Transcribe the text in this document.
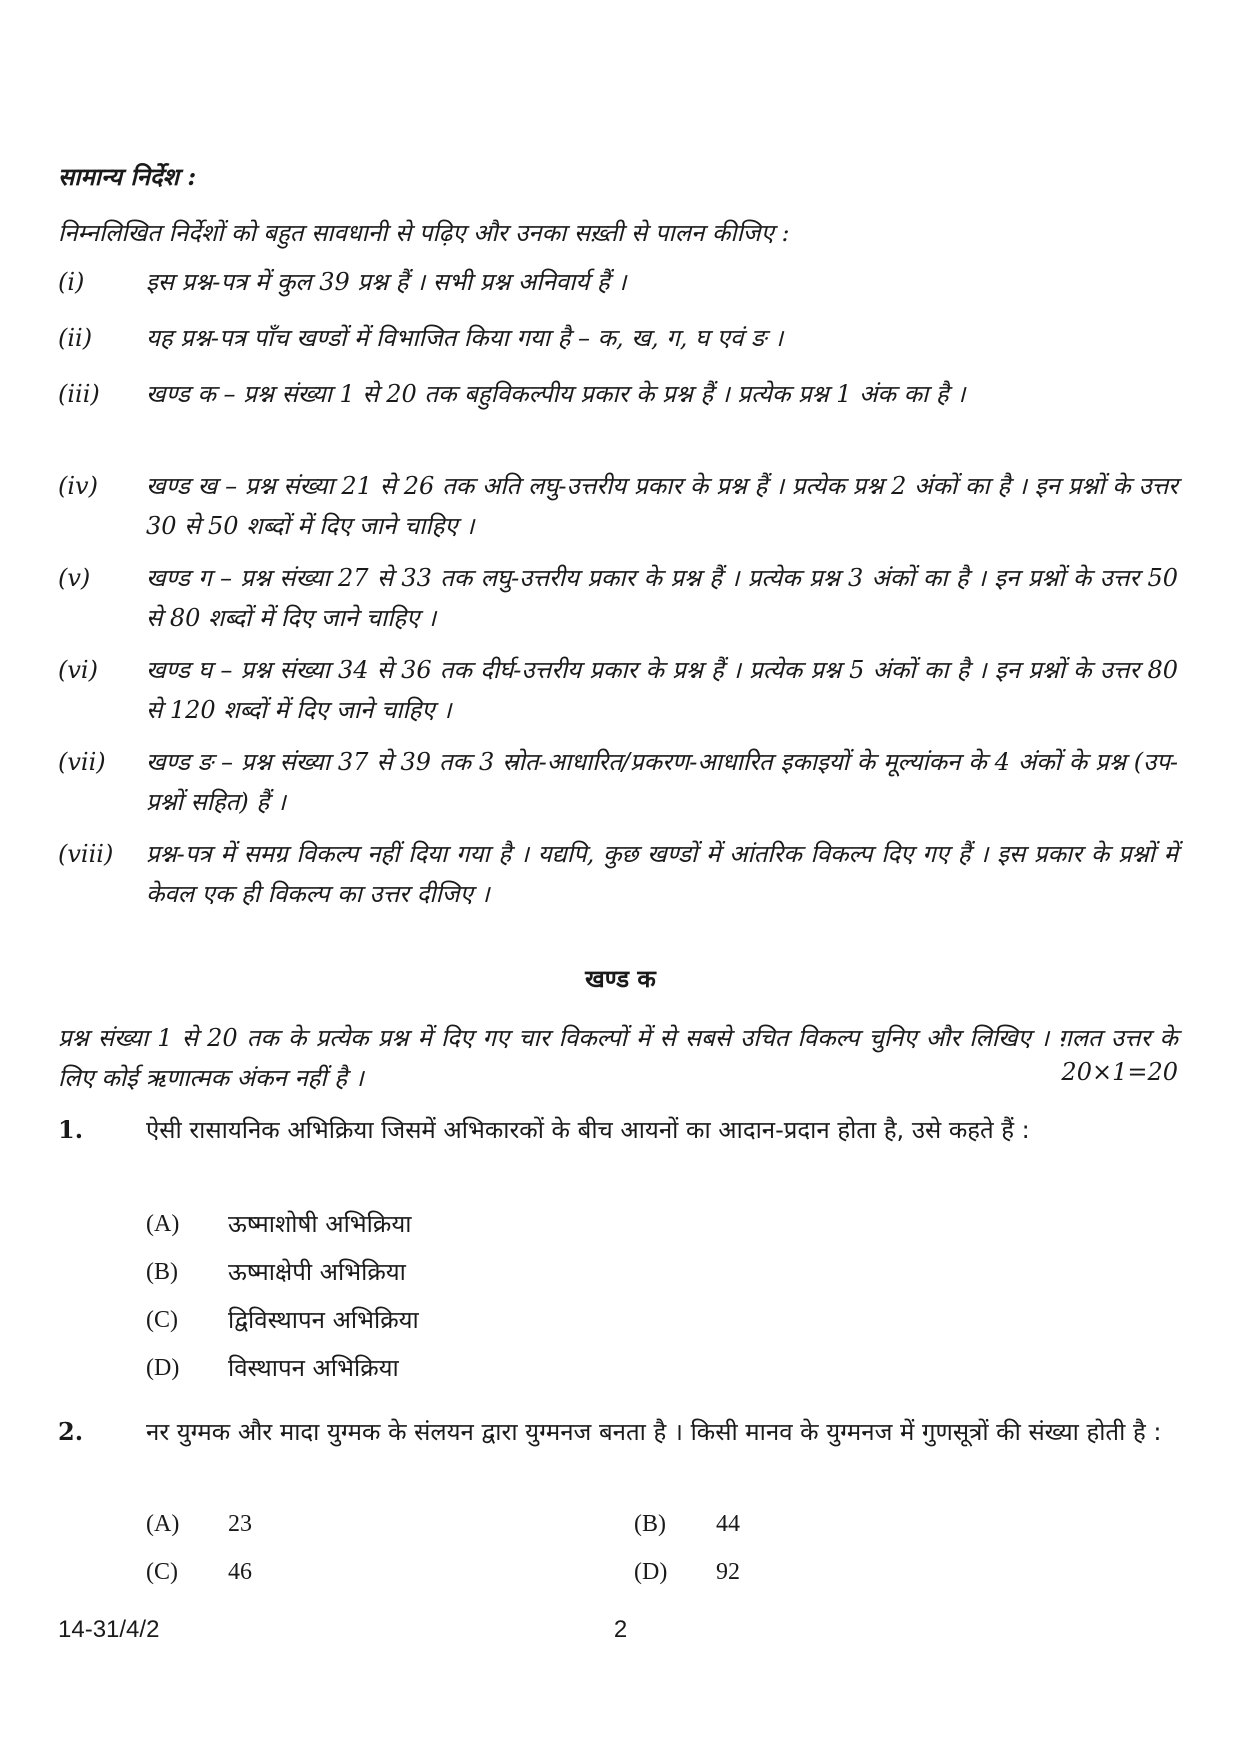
सामान्य निर्देश :
निम्नलिखित निर्देशों को बहुत सावधानी से पढ़िए और उनका सख़्ती से पालन कीजिए :
(i)	इस प्रश्न-पत्र में कुल 39 प्रश्न हैं । सभी प्रश्न अनिवार्य हैं ।
(ii)	यह प्रश्न-पत्र पाँच खण्डों में विभाजित किया गया है – क, ख, ग, घ एवं ङ ।
(iii)	खण्ड क – प्रश्न संख्या 1 से 20 तक बहुविकल्पीय प्रकार के प्रश्न हैं । प्रत्येक प्रश्न 1 अंक का है ।
(iv)	खण्ड ख – प्रश्न संख्या 21 से 26 तक अति लघु-उत्तरीय प्रकार के प्रश्न हैं । प्रत्येक प्रश्न 2 अंकों का है । इन प्रश्नों के उत्तर 30 से 50 शब्दों में दिए जाने चाहिए ।
(v)	खण्ड ग – प्रश्न संख्या 27 से 33 तक लघु-उत्तरीय प्रकार के प्रश्न हैं । प्रत्येक प्रश्न 3 अंकों का है । इन प्रश्नों के उत्तर 50 से 80 शब्दों में दिए जाने चाहिए ।
(vi)	खण्ड घ – प्रश्न संख्या 34 से 36 तक दीर्घ-उत्तरीय प्रकार के प्रश्न हैं । प्रत्येक प्रश्न 5 अंकों का है । इन प्रश्नों के उत्तर 80 से 120 शब्दों में दिए जाने चाहिए ।
(vii)	खण्ड ङ – प्रश्न संख्या 37 से 39 तक 3 स्रोत-आधारित/प्रकरण-आधारित इकाइयों के मूल्यांकन के 4 अंकों के प्रश्न (उप-प्रश्नों सहित) हैं ।
(viii)	प्रश्न-पत्र में समग्र विकल्प नहीं दिया गया है । यद्यपि, कुछ खण्डों में आंतरिक विकल्प दिए गए हैं । इस प्रकार के प्रश्नों में केवल एक ही विकल्प का उत्तर दीजिए ।
खण्ड क
प्रश्न संख्या 1 से 20 तक के प्रत्येक प्रश्न में दिए गए चार विकल्पों में से सबसे उचित विकल्प चुनिए और लिखिए । ग़लत उत्तर के लिए कोई ऋणात्मक अंकन नहीं है ।	20×1=20
1.	ऐसी रासायनिक अभिक्रिया जिसमें अभिकारकों के बीच आयनों का आदान-प्रदान होता है, उसे कहते हैं :
(A) ऊष्माशोषी अभिक्रिया
(B) ऊष्माक्षेपी अभिक्रिया
(C) द्विविस्थापन अभिक्रिया
(D) विस्थापन अभिक्रिया
2.	नर युग्मक और मादा युग्मक के संलयन द्वारा युग्मनज बनता है । किसी मानव के युग्मनज में गुणसूत्रों की संख्या होती है :
(A) 23	(B) 44
(C) 46	(D) 92
14-31/4/2	2
